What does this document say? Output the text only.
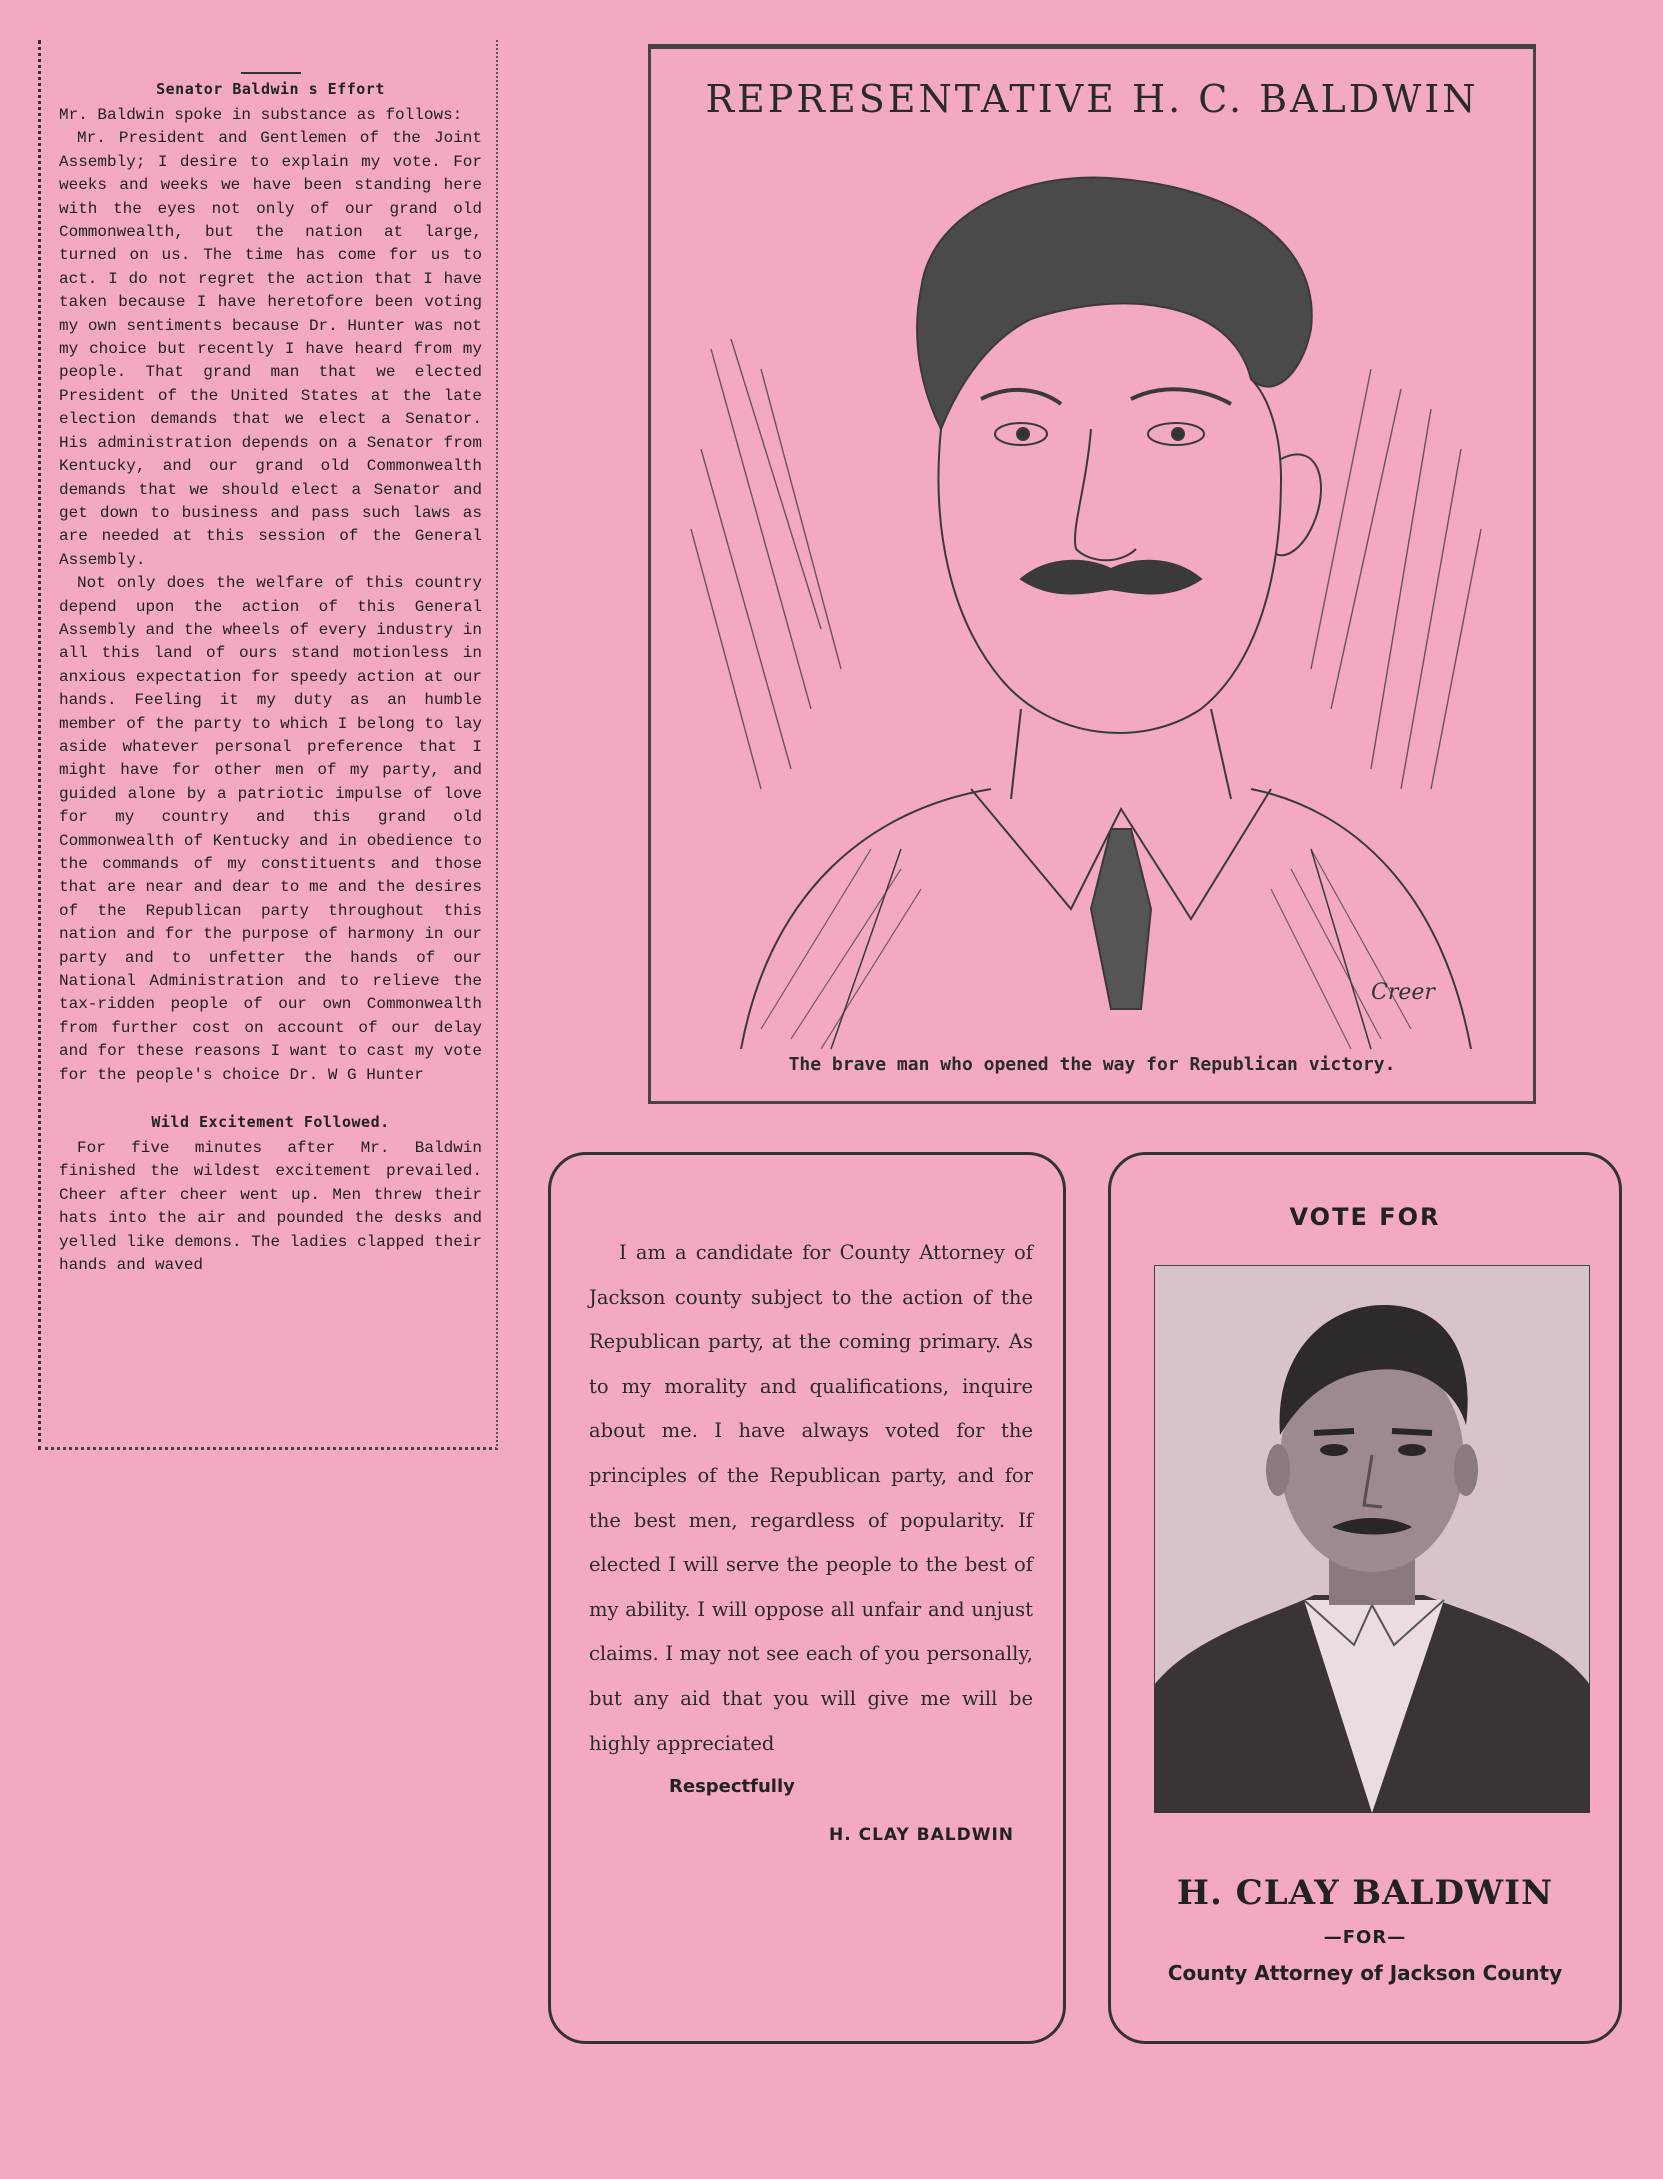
Senator Baldwin s Effort

Mr. Baldwin spoke in substance as follows:

Mr. President and Gentlemen of the Joint Assembly; I desire to explain my vote. For weeks and weeks we have been standing here with the eyes not only of our grand old Commonwealth, but the nation at large, turned on us. The time has come for us to act. I do not regret the action that I have taken because I have heretofore been voting my own sentiments because Dr. Hunter was not my choice but recently I have heard from my people. That grand man that we elected President of the United States at the late election demands that we elect a Senator. His administration depends on a Senator from Kentucky, and our grand old Commonwealth demands that we should elect a Senator and get down to business and pass such laws as are needed at this session of the General Assembly.

Not only does the welfare of this country depend upon the action of this General Assembly and the wheels of every industry in all this land of ours stand motionless in anxious expectation for speedy action at our hands. Feeling it my duty as an humble member of the party to which I belong to lay aside whatever personal preference that I might have for other men of my party, and guided alone by a patriotic impulse of love for my country and this grand old Commonwealth of Kentucky and in obedience to the commands of my constituents and those that are near and dear to me and the desires of the Republican party throughout this nation and for the purpose of harmony in our party and to unfetter the hands of our National Administration and to relieve the tax-ridden people of our own Commonwealth from further cost on account of our delay and for these reasons I want to cast my vote for the people's choice Dr. W G Hunter

Wild Excitement Followed.

For five minutes after Mr. Baldwin finished the wildest excitement prevailed. Cheer after cheer went up. Men threw their hats into the air and pounded the desks and yelled like demons. The ladies clapped their hands and waved

REPRESENTATIVE H. C. BALDWIN
Creer
The brave man who opened the way for Republican victory.

I am a candidate for County Attorney of Jackson county subject to the action of the Republican party, at the coming primary. As to my morality and qualifications, inquire about me. I have always voted for the principles of the Republican party, and for the best men, regardless of popularity. If elected I will serve the people to the best of my ability. I will oppose all unfair and unjust claims. I may not see each of you personally, but any aid that you will give me will be highly appreciated

Respectfully
H. CLAY BALDWIN
VOTE FOR
H. CLAY BALDWIN
—FOR—
County Attorney of Jackson County
